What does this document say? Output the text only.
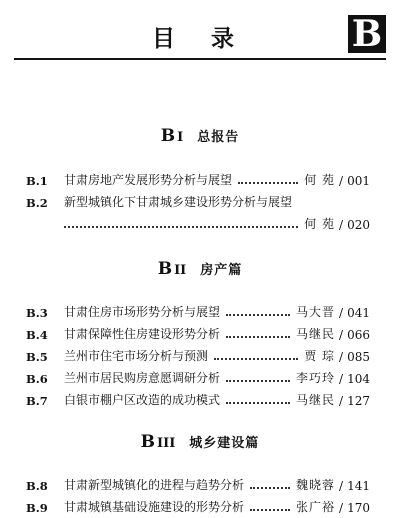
目 录	B
B I 总报告
B.1	甘肃房地产发展形势分析与展望	何 苑 / 001
B.2	新型城镇化下甘肃城乡建设形势分析与展望
何 苑 / 020
B II 房产篇
B.3	甘肃住房市场形势分析与展望	马大晋 / 041
B.4	甘肃保障性住房建设形势分析	马继民 / 066
B.5	兰州市住宅市场分析与预测	贾 琮 / 085
B.6	兰州市居民购房意愿调研分析	李巧玲 / 104
B.7	白银市棚户区改造的成功模式	马继民 / 127
B III 城乡建设篇
B.8	甘肃新型城镇化的进程与趋势分析	魏晓蓉 / 141
B.9	甘肃城镇基础设施建设的形势分析	张广裕 / 170
